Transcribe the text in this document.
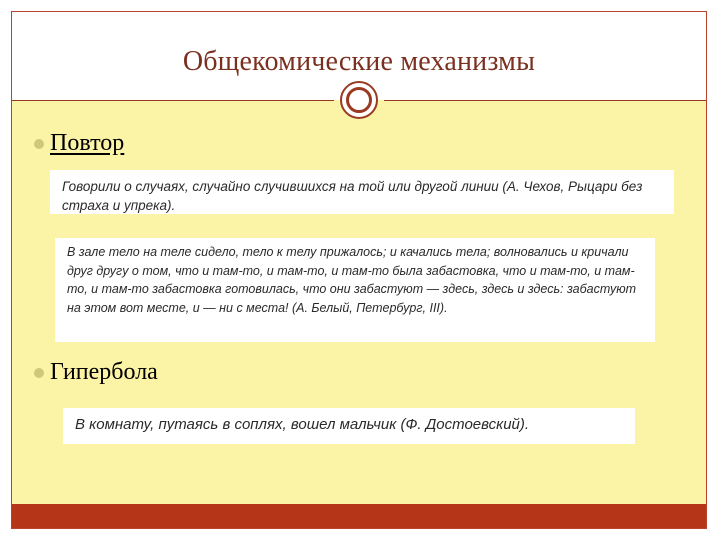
Общекомические механизмы
Повтор
Говорили о случаях, случайно случившихся на той или другой линии (А. Чехов, Рыцари без страха и упрека).
В зале тело на теле сидело, тело к телу прижалось; и качались тела; волновались и кричали друг другу о том, что и там-то, и там-то, и там-то была забастовка, что и там-то, и там-то, и там-то забастовка готовилась, что они забастуют — здесь, здесь и здесь: забастуют на этом вот месте, и — ни с места! (А. Белый, Петербург, III).
Гипербола
В комнату, путаясь в соплях, вошел мальчик (Ф. Достоевский).
